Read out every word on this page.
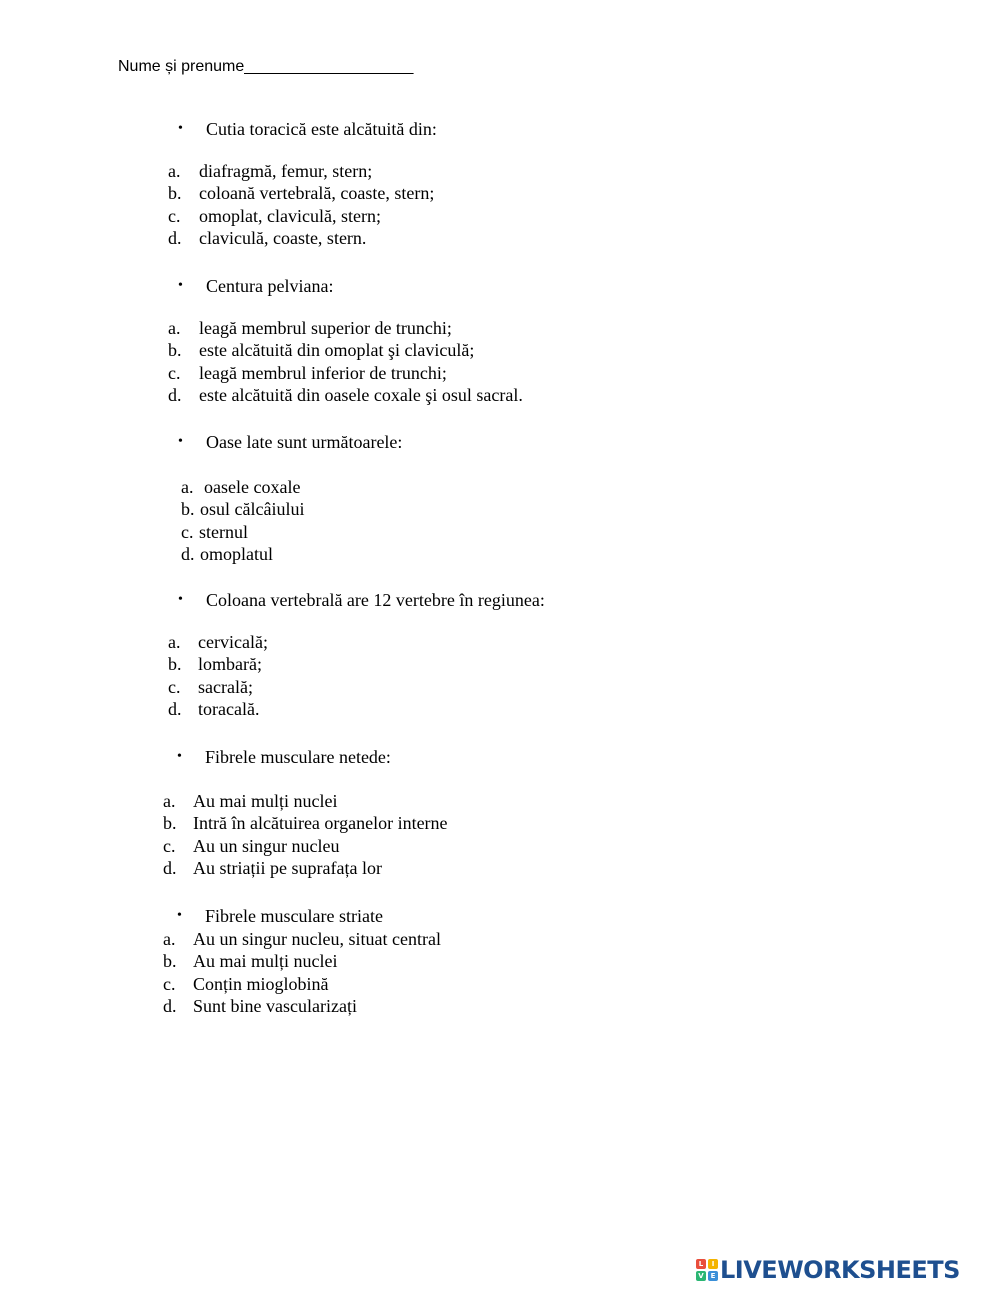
Nume și prenume___________________
• Cutia toracică este alcătuită din:
a. diafragmă, femur, stern;
b. coloană vertebrală, coaste, stern;
c. omoplat, claviculă, stern;
d. claviculă, coaste, stern.
• Centura pelviana:
a. leagă membrul superior de trunchi;
b. este alcătuită din omoplat şi claviculă;
c. leagă membrul inferior de trunchi;
d. este alcătuită din oasele coxale şi osul sacral.
• Oase late sunt următoarele:
a. oasele coxale
b. osul călcâiului
c. sternul
d. omoplatul
• Coloana vertebrală are 12 vertebre în regiunea:
a. cervicală;
b. lombară;
c. sacrală;
d. toracală.
• Fibrele musculare netede:
a. Au mai mulți nuclei
b. Intră în alcătuirea organelor interne
c. Au un singur nucleu
d. Au striații pe suprafața lor
• Fibrele musculare striate
a. Au un singur nucleu, situat central
b. Au mai mulți nuclei
c. Conțin mioglobină
d. Sunt bine vascularizați
L	I
V E LIVEWORKSHEETS
